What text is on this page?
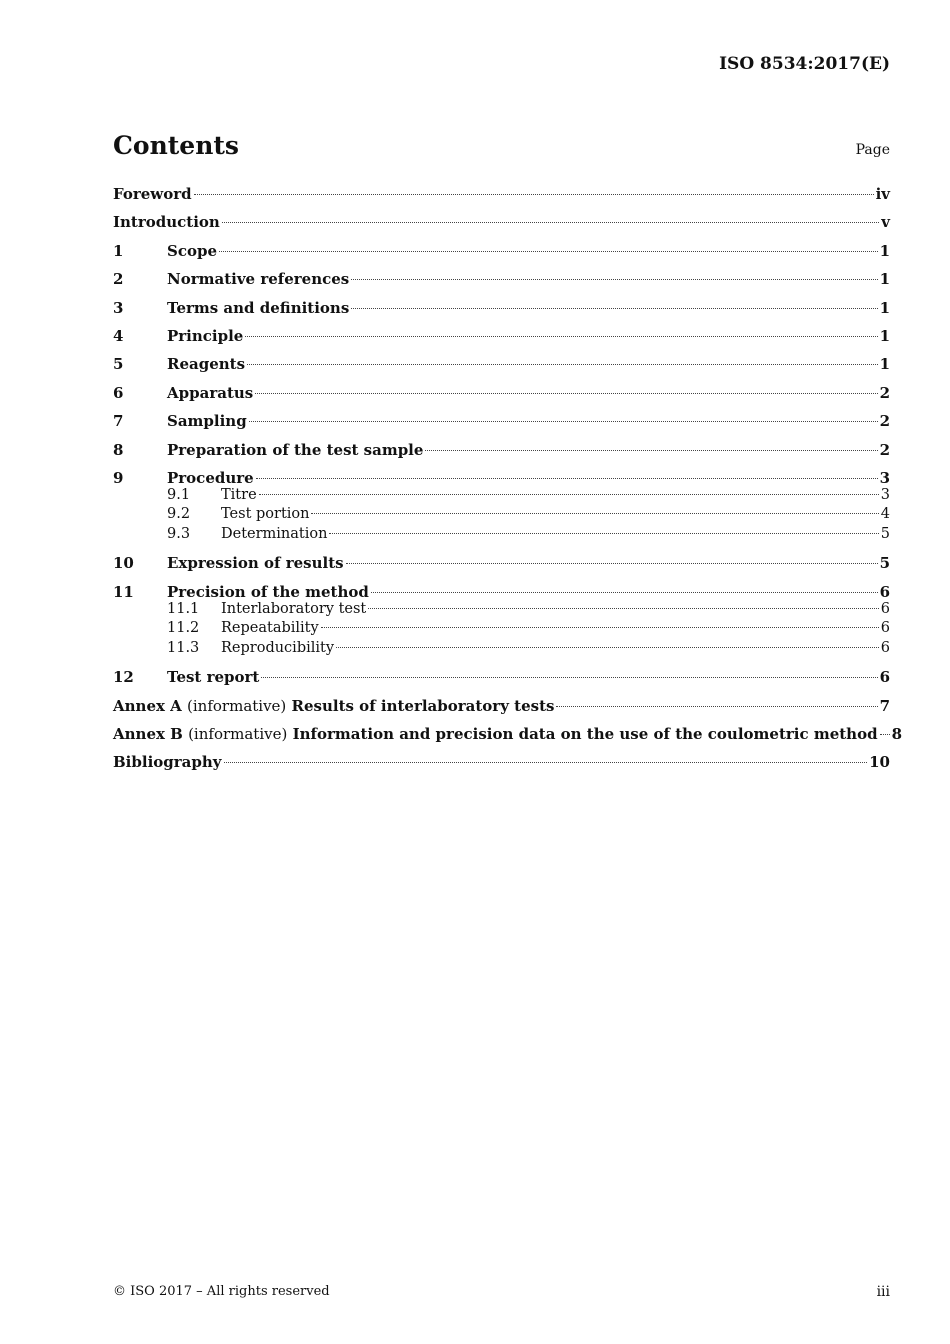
ISO 8534:2017(E)
Contents	Page
Foreword	iv
Introduction	v
1	Scope	1
2	Normative references	1
3	Terms and definitions	1
4	Principle	1
5	Reagents	1
6	Apparatus	2
7	Sampling	2
8	Preparation of the test sample	2
9	Procedure	3
9.1	Titre	3
9.2	Test portion	4
9.3	Determination	5
10	Expression of results	5
11	Precision of the method	6
11.1	Interlaboratory test	6
11.2	Repeatability	6
11.3	Reproducibility	6
12	Test report	6
Annex A (informative) Results of interlaboratory tests	7
Annex B (informative) Information and precision data on the use of the coulometric method 8
Bibliography	10
© ISO 2017 – All rights reserved	iii
